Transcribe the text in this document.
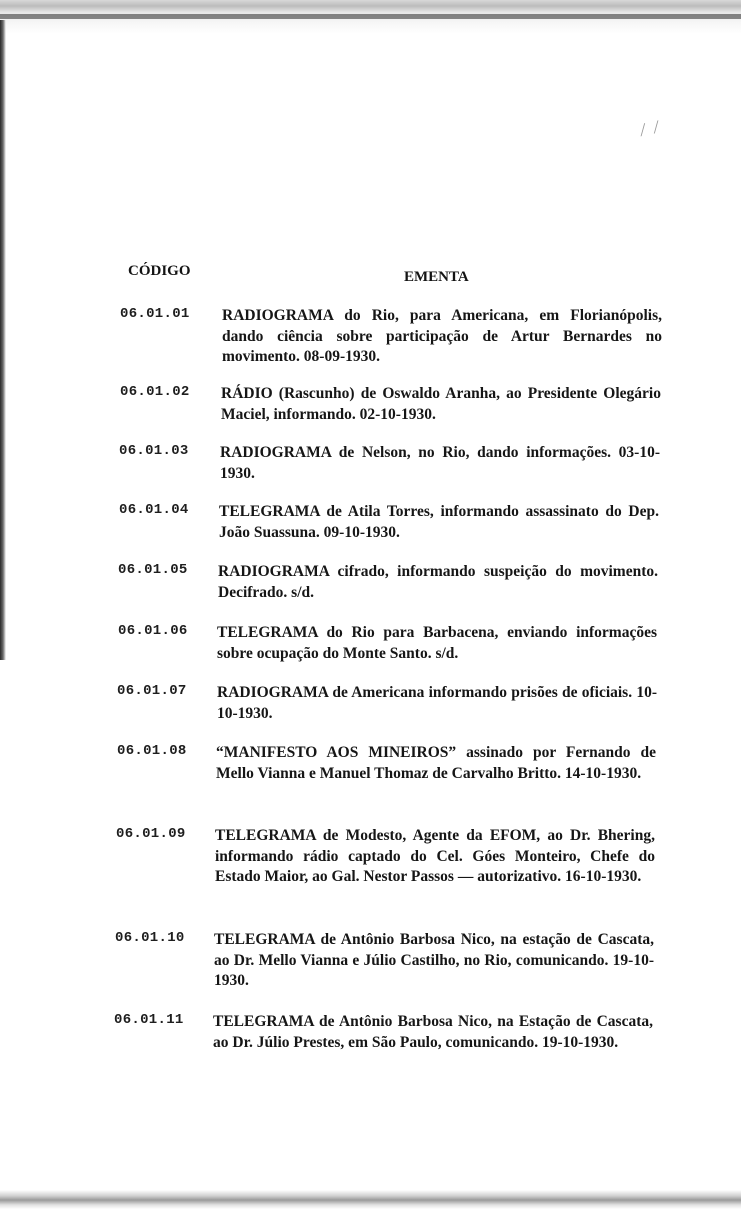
/ /
CÓDIGO	EMENTA
06.01.01 RADIOGRAMA do Rio, para Americana, em Florianópolis, dando ciência sobre participação de Artur Bernardes no movimento. 08-09-1930.
06.01.02 RÁDIO (Rascunho) de Oswaldo Aranha, ao Presidente Olegário Maciel, informando. 02-10-1930.
06.01.03 RADIOGRAMA de Nelson, no Rio, dando informações. 03-10-1930.
06.01.04 TELEGRAMA de Atila Torres, informando assassinato do Dep. João Suassuna. 09-10-1930.
06.01.05 RADIOGRAMA cifrado, informando suspeição do movimento. Decifrado. s/d.
06.01.06 TELEGRAMA do Rio para Barbacena, enviando informações sobre ocupação do Monte Santo. s/d.
06.01.07 RADIOGRAMA de Americana informando prisões de oficiais. 10-10-1930.
06.01.08 “MANIFESTO AOS MINEIROS” assinado por Fernando de Mello Vianna e Manuel Thomaz de Carvalho Britto. 14-10-1930.
06.01.09 TELEGRAMA de Modesto, Agente da EFOM, ao Dr. Bhering, informando rádio captado do Cel. Góes Monteiro, Chefe do Estado Maior, ao Gal. Nestor Passos — autorizativo. 16-10-1930.
06.01.10 TELEGRAMA de Antônio Barbosa Nico, na estação de Cascata, ao Dr. Mello Vianna e Júlio Castilho, no Rio, comunicando. 19-10-1930.
06.01.11 TELEGRAMA de Antônio Barbosa Nico, na Estação de Cascata, ao Dr. Júlio Prestes, em São Paulo, comunicando. 19-10-1930.
